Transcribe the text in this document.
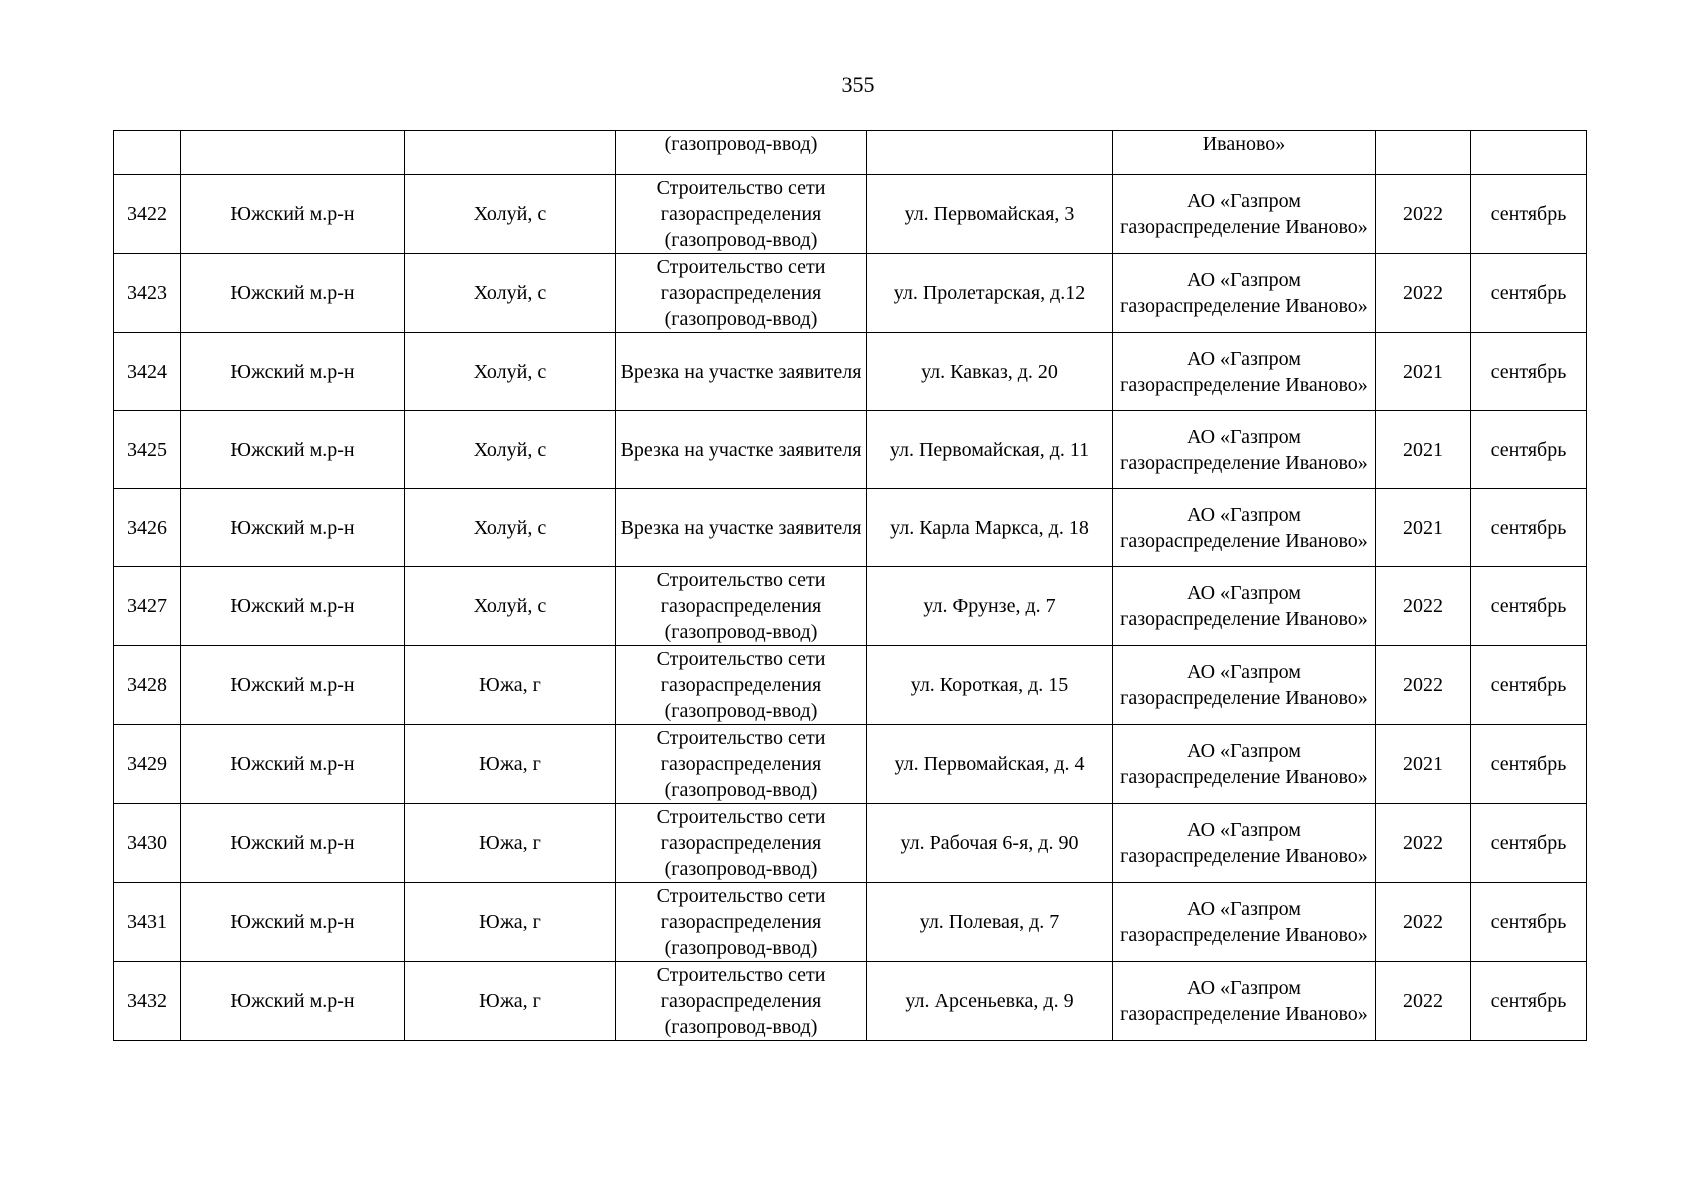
355
			(газопровод-ввод)		Иваново»		
3422	Южский м.р-н	Холуй, с	Строительство сети газораспределения (газопровод-ввод)	ул. Первомайская, 3	АО «Газпром газораспределение Иваново»	2022	сентябрь
3423	Южский м.р-н	Холуй, с	Строительство сети газораспределения (газопровод-ввод)	ул. Пролетарская, д.12	АО «Газпром газораспределение Иваново»	2022	сентябрь
3424	Южский м.р-н	Холуй, с	Врезка на участке заявителя	ул. Кавказ, д. 20	АО «Газпром газораспределение Иваново»	2021	сентябрь
3425	Южский м.р-н	Холуй, с	Врезка на участке заявителя	ул. Первомайская, д. 11	АО «Газпром газораспределение Иваново»	2021	сентябрь
3426	Южский м.р-н	Холуй, с	Врезка на участке заявителя	ул. Карла Маркса, д. 18	АО «Газпром газораспределение Иваново»	2021	сентябрь
3427	Южский м.р-н	Холуй, с	Строительство сети газораспределения (газопровод-ввод)	ул. Фрунзе, д. 7	АО «Газпром газораспределение Иваново»	2022	сентябрь
3428	Южский м.р-н	Южа, г	Строительство сети газораспределения (газопровод-ввод)	ул. Короткая, д. 15	АО «Газпром газораспределение Иваново»	2022	сентябрь
3429	Южский м.р-н	Южа, г	Строительство сети газораспределения (газопровод-ввод)	ул. Первомайская, д. 4	АО «Газпром газораспределение Иваново»	2021	сентябрь
3430	Южский м.р-н	Южа, г	Строительство сети газораспределения (газопровод-ввод)	ул. Рабочая 6-я, д. 90	АО «Газпром газораспределение Иваново»	2022	сентябрь
3431	Южский м.р-н	Южа, г	Строительство сети газораспределения (газопровод-ввод)	ул. Полевая, д. 7	АО «Газпром газораспределение Иваново»	2022	сентябрь
3432	Южский м.р-н	Южа, г	Строительство сети газораспределения (газопровод-ввод)	ул. Арсеньевка, д. 9	АО «Газпром газораспределение Иваново»	2022	сентябрь
